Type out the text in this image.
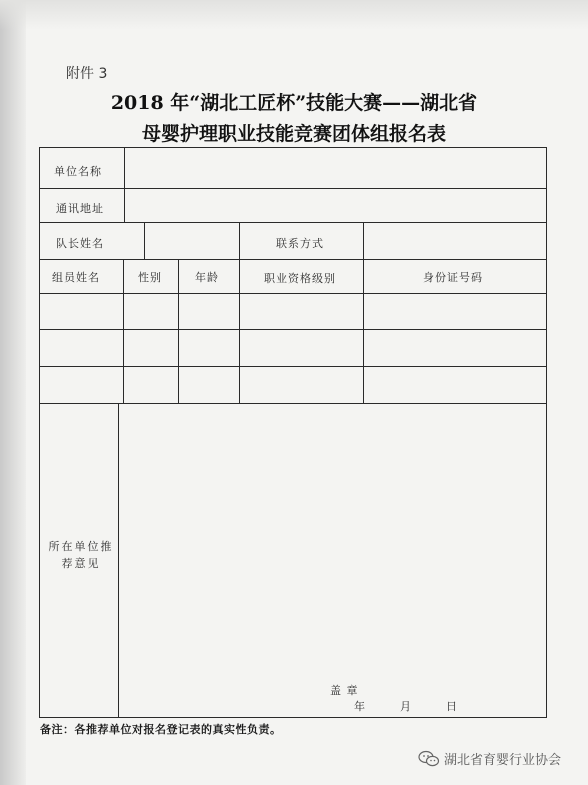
附件 3
2018 年“湖北工匠杯”技能大赛——湖北省
母婴护理职业技能竞赛团体组报名表
单位名称
通讯地址
队长姓名	联系方式
组员姓名	性别	年龄	职业资格级别	身份证号码
所在单位推荐意见
盖 章
年	月	日
备注：各推荐单位对报名登记表的真实性负责。
湖北省育婴行业协会
